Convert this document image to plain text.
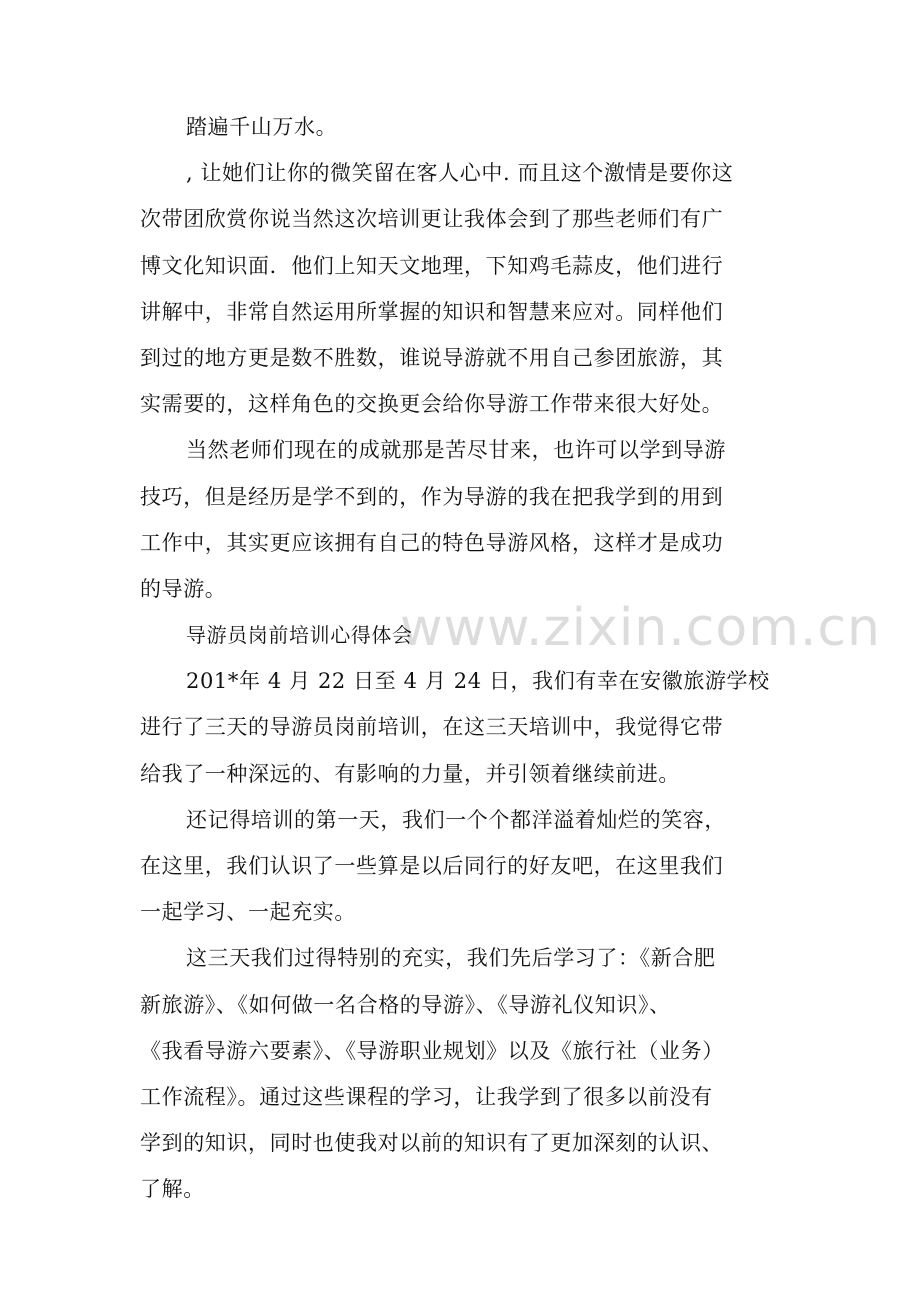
www.zixin.com.cn
踏遍千山万水。
, 让她们让你的微笑留在客人心中. 而且这个激情是要你这
次带团欣赏你说当然这次培训更让我体会到了那些老师们有广
博文化知识面．他们上知天文地理，下知鸡毛蒜皮，他们进行
讲解中，非常自然运用所掌握的知识和智慧来应对。同样他们
到过的地方更是数不胜数，谁说导游就不用自己参团旅游，其
实需要的，这样角色的交换更会给你导游工作带来很大好处。
当然老师们现在的成就那是苦尽甘来，也许可以学到导游
技巧，但是经历是学不到的，作为导游的我在把我学到的用到
工作中，其实更应该拥有自己的特色导游风格，这样才是成功
的导游。
导游员岗前培训心得体会
201*年 4 月 22 日至 4 月 24 日，我们有幸在安徽旅游学校
进行了三天的导游员岗前培训，在这三天培训中，我觉得它带
给我了一种深远的、有影响的力量，并引领着继续前进。
还记得培训的第一天，我们一个个都洋溢着灿烂的笑容，
在这里，我们认识了一些算是以后同行的好友吧，在这里我们
一起学习、一起充实。
这三天我们过得特别的充实，我们先后学习了：《新合肥
新旅游》、《如何做一名合格的导游》、《导游礼仪知识》、
《我看导游六要素》、《导游职业规划》以及《旅行社（业务）
工作流程》。通过这些课程的学习，让我学到了很多以前没有
学到的知识，同时也使我对以前的知识有了更加深刻的认识、
了解。
